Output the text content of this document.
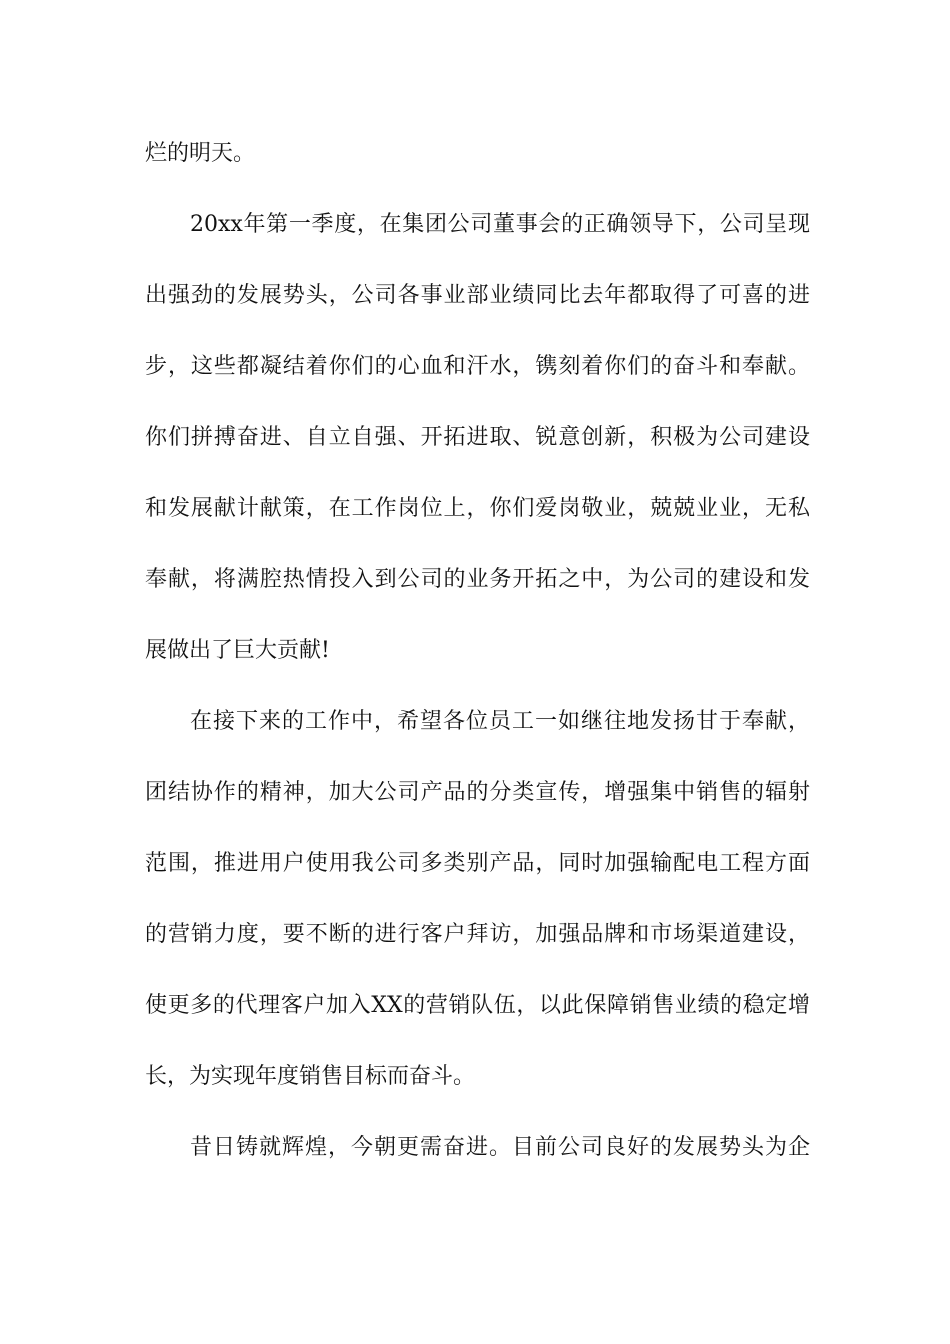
烂的明天。
20xx年第一季度，在集团公司董事会的正确领导下，公司呈现
出强劲的发展势头，公司各事业部业绩同比去年都取得了可喜的进
步，这些都凝结着你们的心血和汗水，镌刻着你们的奋斗和奉献。
你们拼搏奋进、自立自强、开拓进取、锐意创新，积极为公司建设
和发展献计献策，在工作岗位上，你们爱岗敬业，兢兢业业，无私
奉献，将满腔热情投入到公司的业务开拓之中，为公司的建设和发
展做出了巨大贡献!
在接下来的工作中，希望各位员工一如继往地发扬甘于奉献，
团结协作的精神，加大公司产品的分类宣传，增强集中销售的辐射
范围，推进用户使用我公司多类别产品，同时加强输配电工程方面
的营销力度，要不断的进行客户拜访，加强品牌和市场渠道建设，
使更多的代理客户加入XX的营销队伍，以此保障销售业绩的稳定增
长，为实现年度销售目标而奋斗。
昔日铸就辉煌，今朝更需奋进。目前公司良好的发展势头为企
